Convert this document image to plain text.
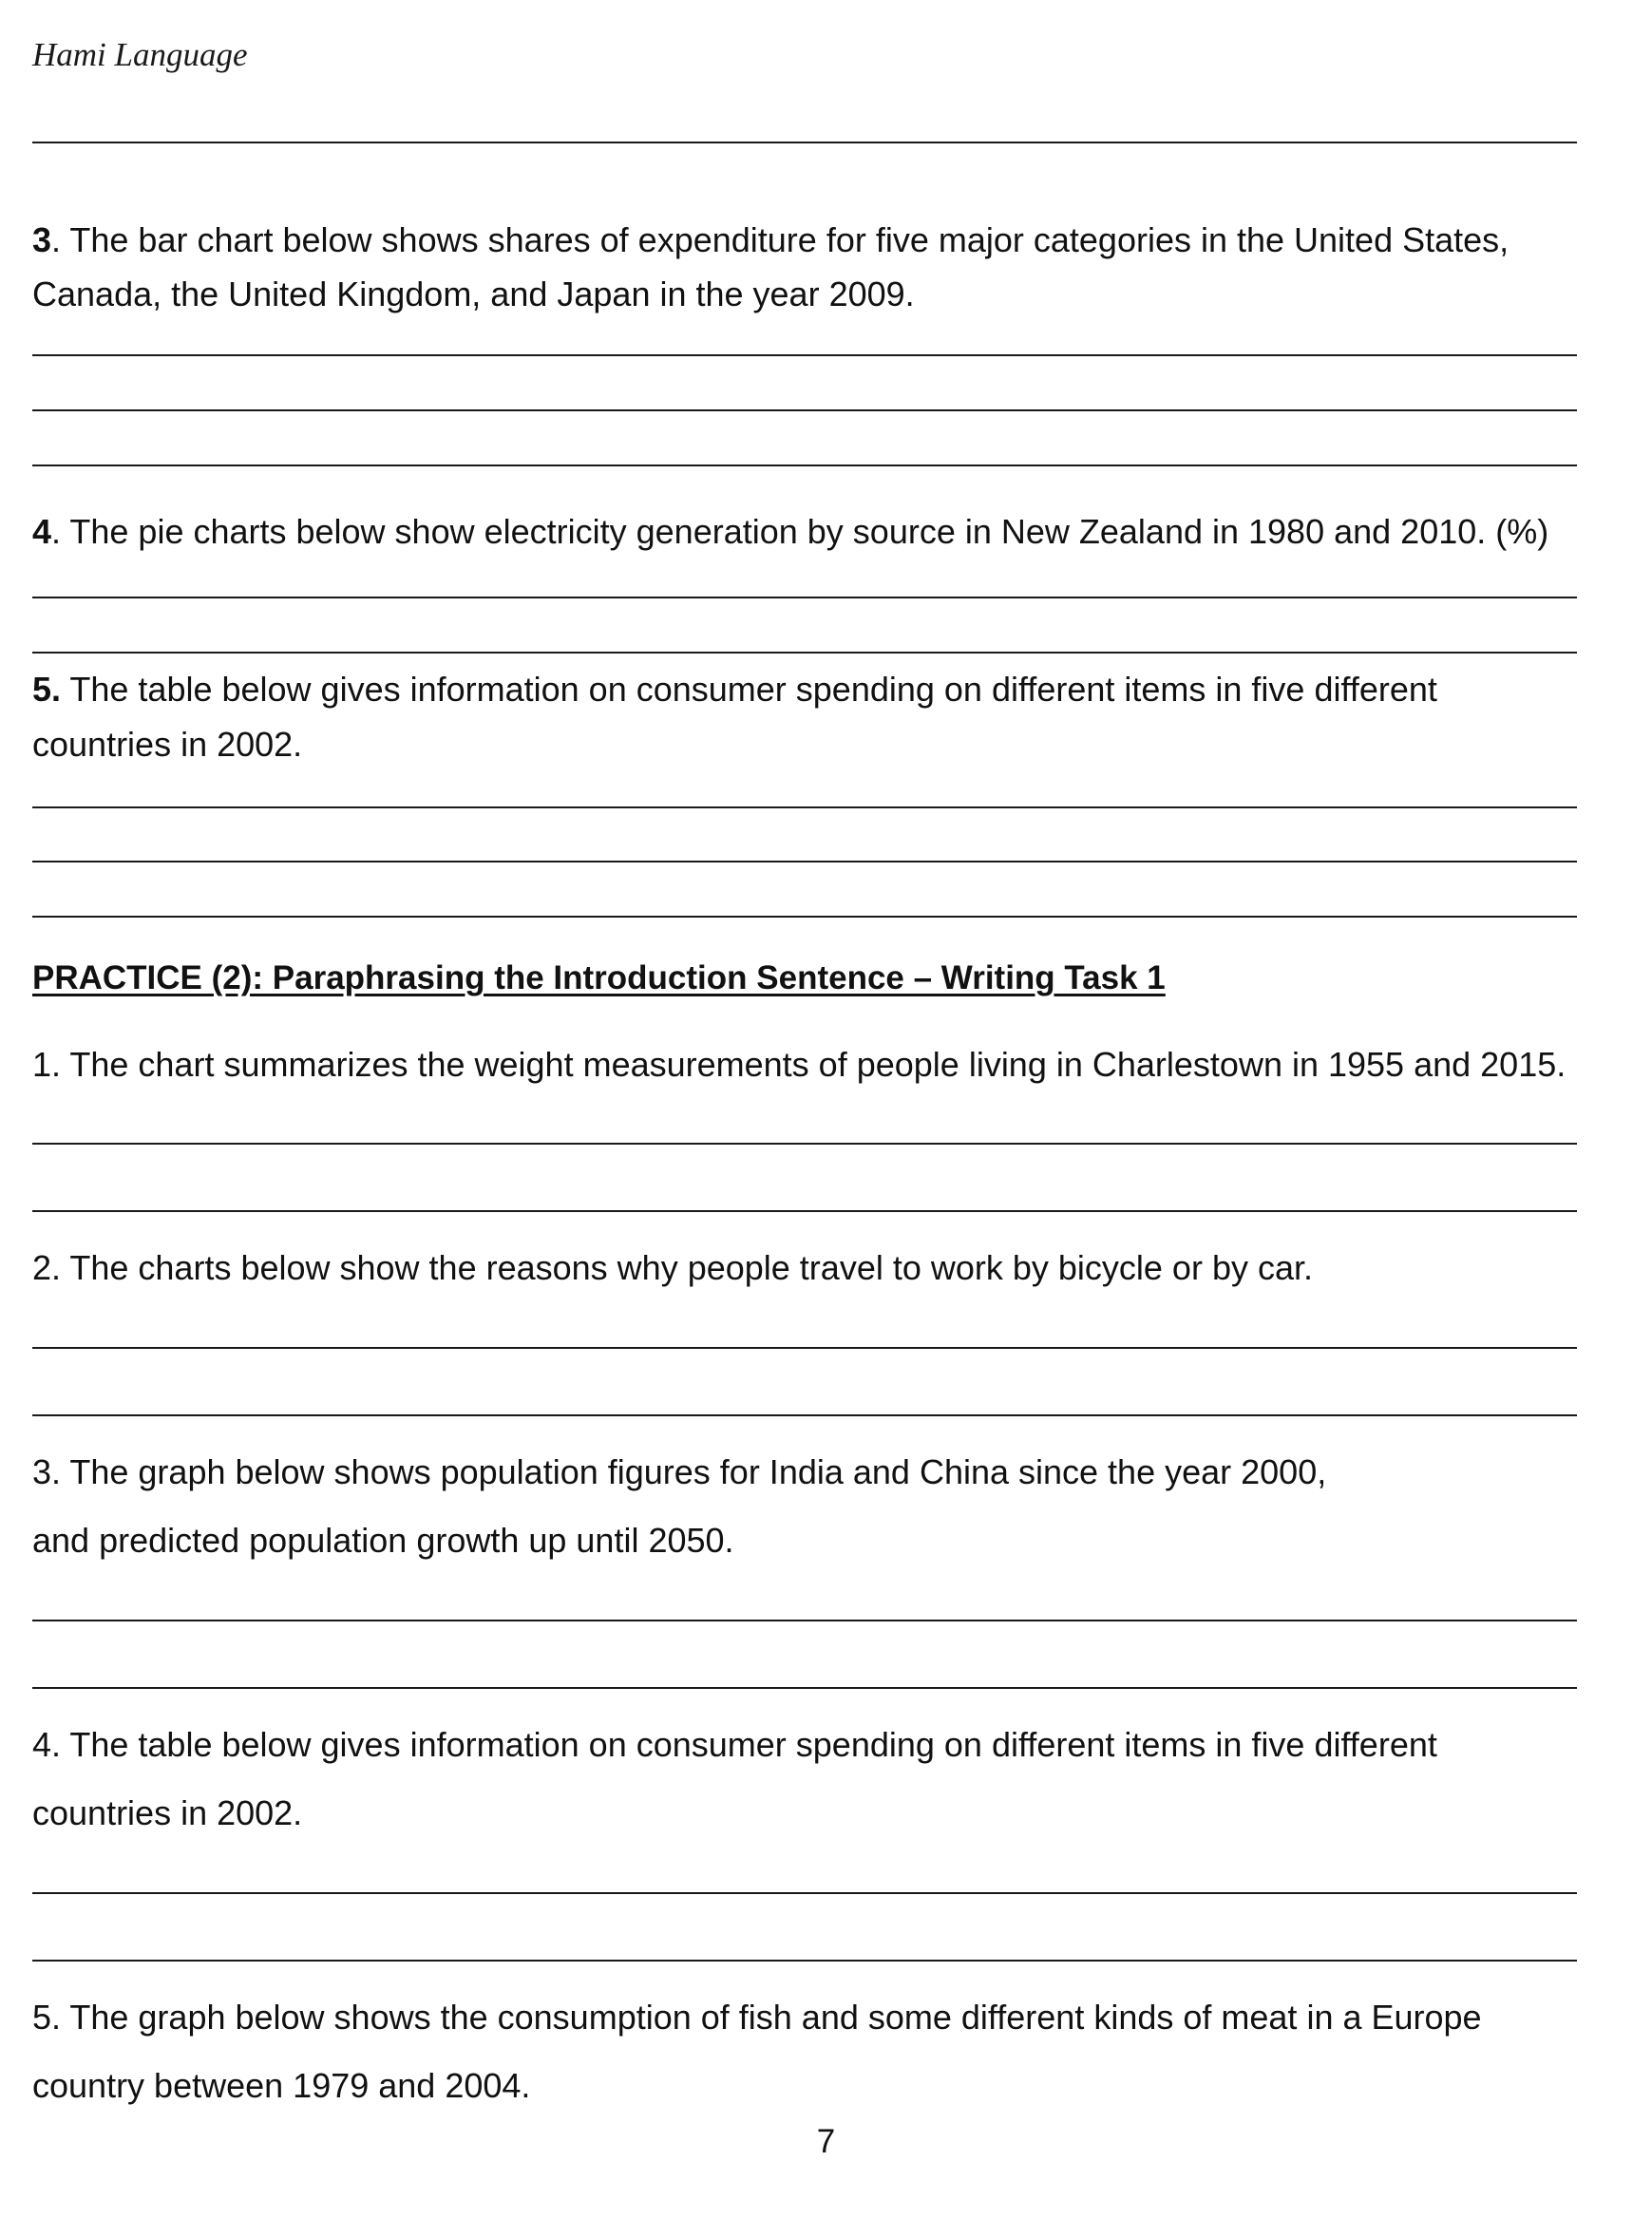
Hami Language
3. The bar chart below shows shares of expenditure for five major categories in the United States,
Canada, the United Kingdom, and Japan in the year 2009.
4. The pie charts below show electricity generation by source in New Zealand in 1980 and 2010. (%)
5. The table below gives information on consumer spending on different items in five different
countries in 2002.
PRACTICE (2): Paraphrasing the Introduction Sentence – Writing Task 1
1. The chart summarizes the weight measurements of people living in Charlestown in 1955 and 2015.
2. The charts below show the reasons why people travel to work by bicycle or by car.
3. The graph below shows population figures for India and China since the year 2000,
and predicted population growth up until 2050.
4. The table below gives information on consumer spending on different items in five different
countries in 2002.
5. The graph below shows the consumption of fish and some different kinds of meat in a Europe
country between 1979 and 2004.
7
